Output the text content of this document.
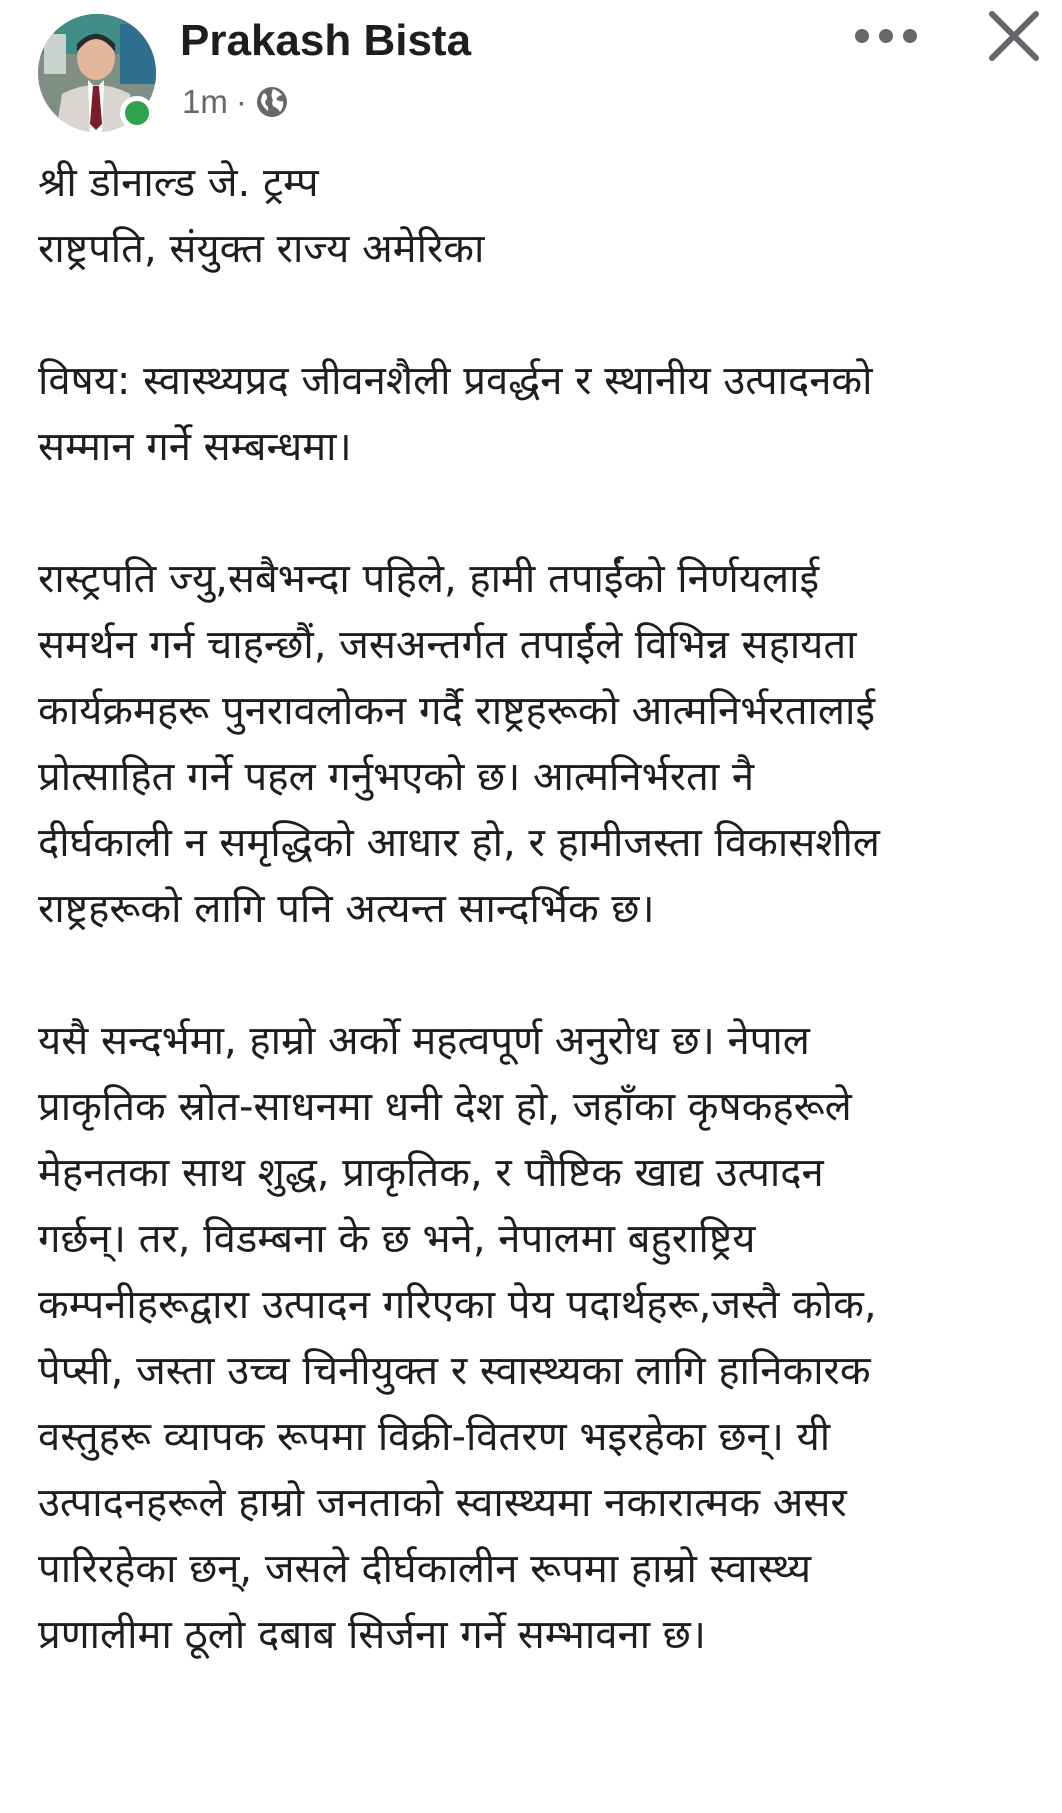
Prakash Bista
1m ·

श्री डोनाल्ड जे. ट्रम्प
राष्ट्रपति, संयुक्त राज्य अमेरिका

विषय: स्वास्थ्यप्रद जीवनशैली प्रवर्द्धन र स्थानीय उत्पादनको
सम्मान गर्ने सम्बन्धमा।

रास्ट्रपति ज्यु,सबैभन्दा पहिले, हामी तपाईंको निर्णयलाई
समर्थन गर्न चाहन्छौं, जसअन्तर्गत तपाईंले विभिन्न सहायता
कार्यक्रमहरू पुनरावलोकन गर्दै राष्ट्रहरूको आत्मनिर्भरतालाई
प्रोत्साहित गर्ने पहल गर्नुभएको छ। आत्मनिर्भरता नै
दीर्घकाली न समृद्धिको आधार हो, र हामीजस्ता विकासशील
राष्ट्रहरूको लागि पनि अत्यन्त सान्दर्भिक छ।

यसै सन्दर्भमा, हाम्रो अर्को महत्वपूर्ण अनुरोध छ। नेपाल
प्राकृतिक स्रोत-साधनमा धनी देश हो, जहाँका कृषकहरूले
मेहनतका साथ शुद्ध, प्राकृतिक, र पौष्टिक खाद्य उत्पादन
गर्छन्। तर, विडम्बना के छ भने, नेपालमा बहुराष्ट्रिय
कम्पनीहरूद्वारा उत्पादन गरिएका पेय पदार्थहरू,जस्तै कोक,
पेप्सी, जस्ता उच्च चिनीयुक्त र स्वास्थ्यका लागि हानिकारक
वस्तुहरू व्यापक रूपमा विक्री-वितरण भइरहेका छन्। यी
उत्पादनहरूले हाम्रो जनताको स्वास्थ्यमा नकारात्मक असर
पारिरहेका छन्, जसले दीर्घकालीन रूपमा हाम्रो स्वास्थ्य
प्रणालीमा ठूलो दबाब सिर्जना गर्ने सम्भावना छ।
